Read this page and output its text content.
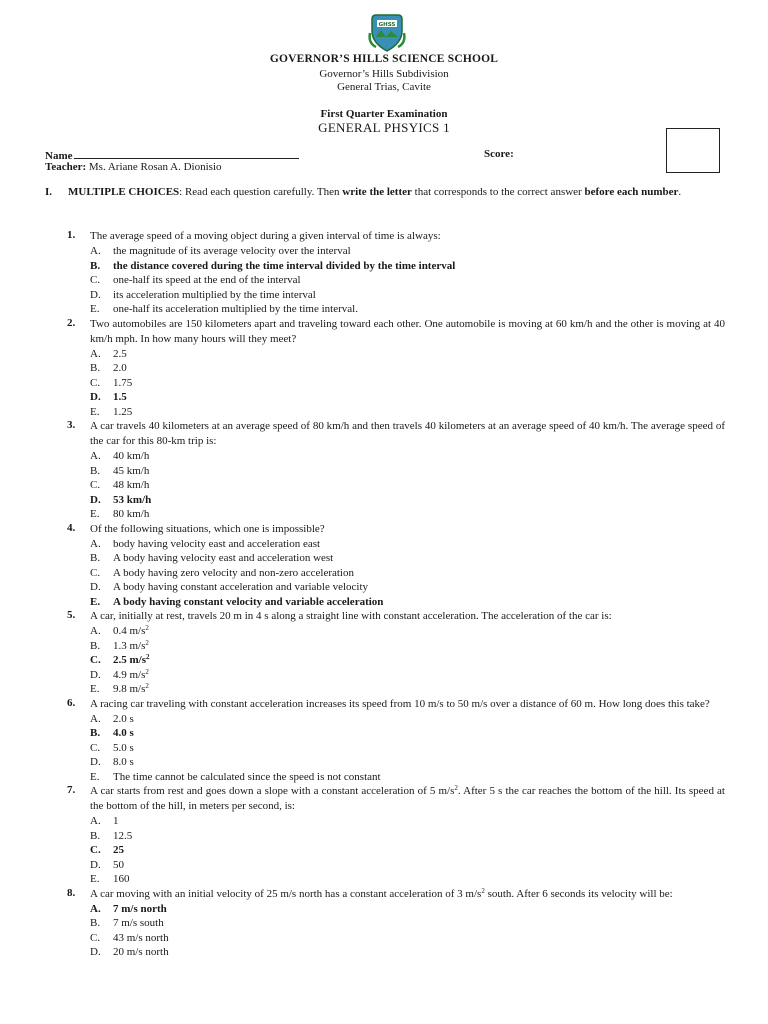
GHSS
GOVERNOR’S HILLS SCIENCE SCHOOL
Governor’s Hills Subdivision
General Trias, Cavite
First Quarter Examination
GENERAL PHSYICS 1
Name	Score:
Teacher: Ms. Ariane Rosan A. Dionisio
I. MULTIPLE CHOICES: Read each question carefully. Then write the letter that corresponds to the correct answer before each number.
1. The average speed of a moving object during a given interval of time is always:
A. the magnitude of its average velocity over the interval
B. the distance covered during the time interval divided by the time interval
C. one-half its speed at the end of the interval
D. its acceleration multiplied by the time interval
E. one-half its acceleration multiplied by the time interval.
2. Two automobiles are 150 kilometers apart and traveling toward each other. One automobile is moving at 60 km/h and the other is moving at 40 km/h mph. In how many hours will they meet?
A. 2.5
B. 2.0
C. 1.75
D. 1.5
E. 1.25
3. A car travels 40 kilometers at an average speed of 80 km/h and then travels 40 kilometers at an average speed of 40 km/h. The average speed of the car for this 80-km trip is:
A. 40 km/h
B. 45 km/h
C. 48 km/h
D. 53 km/h
E. 80 km/h
4. Of the following situations, which one is impossible?
A. body having velocity east and acceleration east
B. A body having velocity east and acceleration west
C. A body having zero velocity and non-zero acceleration
D. A body having constant acceleration and variable velocity
E. A body having constant velocity and variable acceleration
5. A car, initially at rest, travels 20 m in 4 s along a straight line with constant acceleration. The acceleration of the car is:
A. 0.4 $m/s^2$
B. 1.3 $m/s^2$
C. 2.5 $m/s^2$
D. 4.9 $m/s^2$
E. 9.8 $m/s^2$
6. A racing car traveling with constant acceleration increases its speed from 10 m/s to 50 m/s over a distance of 60 m. How long does this take?
A. 2.0 s
B. 4.0 s
C. 5.0 s
D. 8.0 s
E. The time cannot be calculated since the speed is not constant
7. A car starts from rest and goes down a slope with a constant acceleration of 5 $m/s^2$. After 5 s the car reaches the bottom of the hill. Its speed at the bottom of the hill, in meters per second, is:
A. 1
B. 12.5
C. 25
D. 50
E. 160
8. A car moving with an initial velocity of 25 m/s north has a constant acceleration of 3 $m/s^2$ south. After 6 seconds its velocity will be:
A. 7 m/s north
B. 7 m/s south
C. 43 m/s north
D. 20 m/s north
